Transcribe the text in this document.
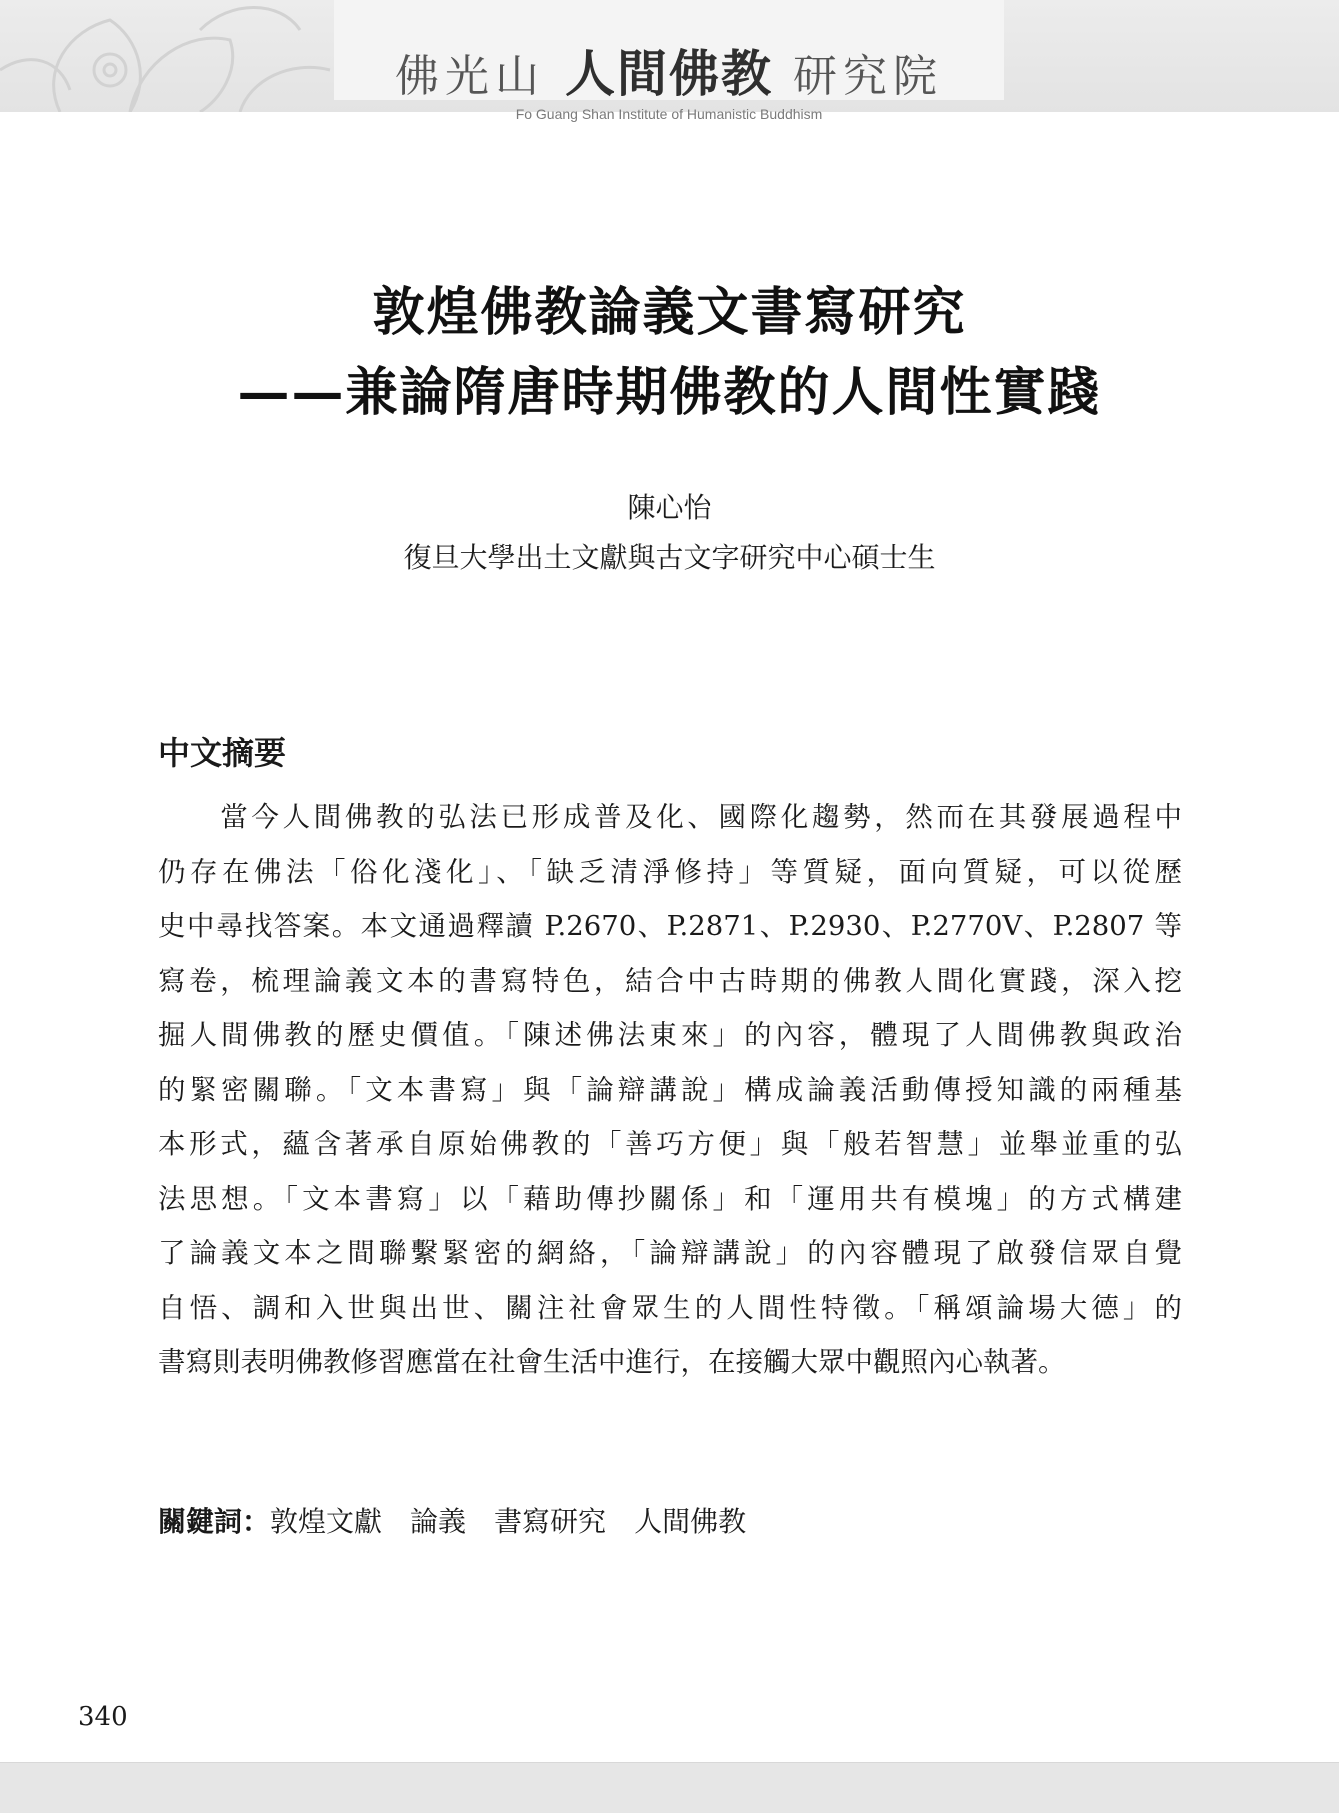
佛光山 人間佛教 研究院
Fo Guang Shan Institute of Humanistic Buddhism
敦煌佛教論義文書寫研究
——兼論隋唐時期佛教的人間性實踐
陳心怡
復旦大學出土文獻與古文字研究中心碩士生
中文摘要
　　當今人間佛教的弘法已形成普及化、國際化趨勢，然而在其發展過程中
仍存在佛法「俗化淺化」、「缺乏清淨修持」等質疑，面向質疑，可以從歷
史中尋找答案。本文通過釋讀 P.2670、P.2871、P.2930、P.2770V、P.2807 等
寫卷，梳理論義文本的書寫特色，結合中古時期的佛教人間化實踐，深入挖
掘人間佛教的歷史價值。「陳述佛法東來」的內容，體現了人間佛教與政治
的緊密關聯。「文本書寫」與「論辯講說」構成論義活動傳授知識的兩種基
本形式，蘊含著承自原始佛教的「善巧方便」與「般若智慧」並舉並重的弘
法思想。「文本書寫」以「藉助傳抄關係」和「運用共有模塊」的方式構建
了論義文本之間聯繫緊密的網絡，「論辯講說」的內容體現了啟發信眾自覺
自悟、調和入世與出世、關注社會眾生的人間性特徵。「稱頌論場大德」的
書寫則表明佛教修習應當在社會生活中進行，在接觸大眾中觀照內心執著。
關鍵詞：敦煌文獻 論義 書寫研究 人間佛教
340
